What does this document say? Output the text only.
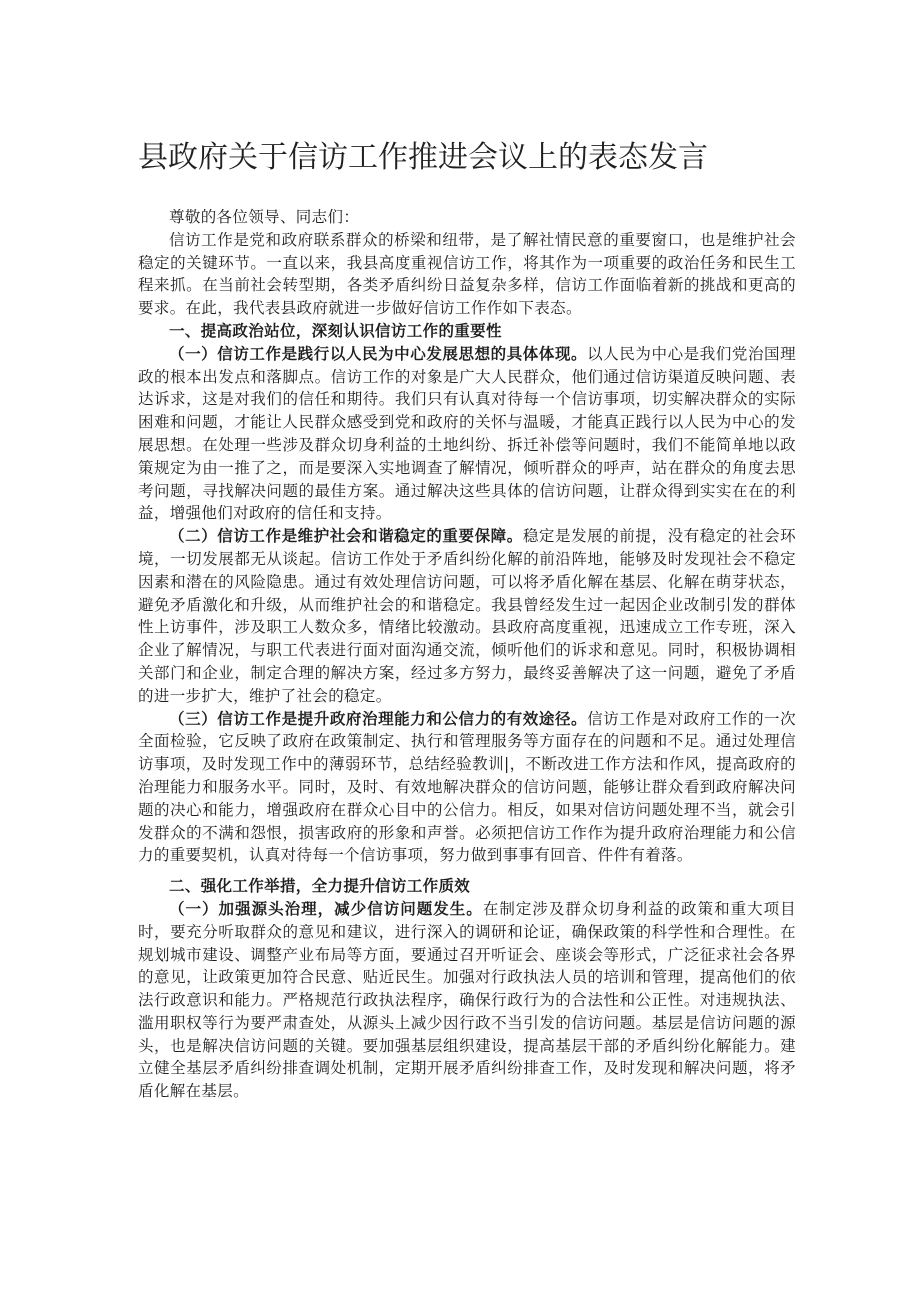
县政府关于信访工作推进会议上的表态发言

尊敬的各位领导、同志们：

信访工作是党和政府联系群众的桥梁和纽带，是了解社情民意的重要窗口，也是维护社会稳定的关键环节。一直以来，我县高度重视信访工作，将其作为一项重要的政治任务和民生工程来抓。在当前社会转型期，各类矛盾纠纷日益复杂多样，信访工作面临着新的挑战和更高的要求。在此，我代表县政府就进一步做好信访工作作如下表态。

一、提高政治站位，深刻认识信访工作的重要性

（一）信访工作是践行以人民为中心发展思想的具体体现。以人民为中心是我们党治国理政的根本出发点和落脚点。信访工作的对象是广大人民群众，他们通过信访渠道反映问题、表达诉求，这是对我们的信任和期待。我们只有认真对待每一个信访事项，切实解决群众的实际困难和问题，才能让人民群众感受到党和政府的关怀与温暖，才能真正践行以人民为中心的发展思想。在处理一些涉及群众切身利益的土地纠纷、拆迁补偿等问题时，我们不能简单地以政策规定为由一推了之，而是要深入实地调查了解情况，倾听群众的呼声，站在群众的角度去思考问题，寻找解决问题的最佳方案。通过解决这些具体的信访问题，让群众得到实实在在的利益，增强他们对政府的信任和支持。

（二）信访工作是维护社会和谐稳定的重要保障。稳定是发展的前提，没有稳定的社会环境，一切发展都无从谈起。信访工作处于矛盾纠纷化解的前沿阵地，能够及时发现社会不稳定因素和潜在的风险隐患。通过有效处理信访问题，可以将矛盾化解在基层、化解在萌芽状态，避免矛盾激化和升级，从而维护社会的和谐稳定。我县曾经发生过一起因企业改制引发的群体性上访事件，涉及职工人数众多，情绪比较激动。县政府高度重视，迅速成立工作专班，深入企业了解情况，与职工代表进行面对面沟通交流，倾听他们的诉求和意见。同时，积极协调相关部门和企业，制定合理的解决方案，经过多方努力，最终妥善解决了这一问题，避免了矛盾的进一步扩大，维护了社会的稳定。

（三）信访工作是提升政府治理能力和公信力的有效途径。信访工作是对政府工作的一次全面检验，它反映了政府在政策制定、执行和管理服务等方面存在的问题和不足。通过处理信访事项，及时发现工作中的薄弱环节，总结经验教训|，不断改进工作方法和作风，提高政府的治理能力和服务水平。同时，及时、有效地解决群众的信访问题，能够让群众看到政府解决问题的决心和能力，增强政府在群众心目中的公信力。相反，如果对信访问题处理不当，就会引发群众的不满和怨恨，损害政府的形象和声誉。必须把信访工作作为提升政府治理能力和公信力的重要契机，认真对待每一个信访事项，努力做到事事有回音、件件有着落。

二、强化工作举措，全力提升信访工作质效

（一）加强源头治理，减少信访问题发生。在制定涉及群众切身利益的政策和重大项目时，要充分听取群众的意见和建议，进行深入的调研和论证，确保政策的科学性和合理性。在规划城市建设、调整产业布局等方面，要通过召开听证会、座谈会等形式，广泛征求社会各界的意见，让政策更加符合民意、贴近民生。加强对行政执法人员的培训和管理，提高他们的依法行政意识和能力。严格规范行政执法程序，确保行政行为的合法性和公正性。对违规执法、滥用职权等行为要严肃查处，从源头上减少因行政不当引发的信访问题。基层是信访问题的源头，也是解决信访问题的关键。要加强基层组织建设，提高基层干部的矛盾纠纷化解能力。建立健全基层矛盾纠纷排查调处机制，定期开展矛盾纠纷排查工作，及时发现和解决问题，将矛盾化解在基层。
